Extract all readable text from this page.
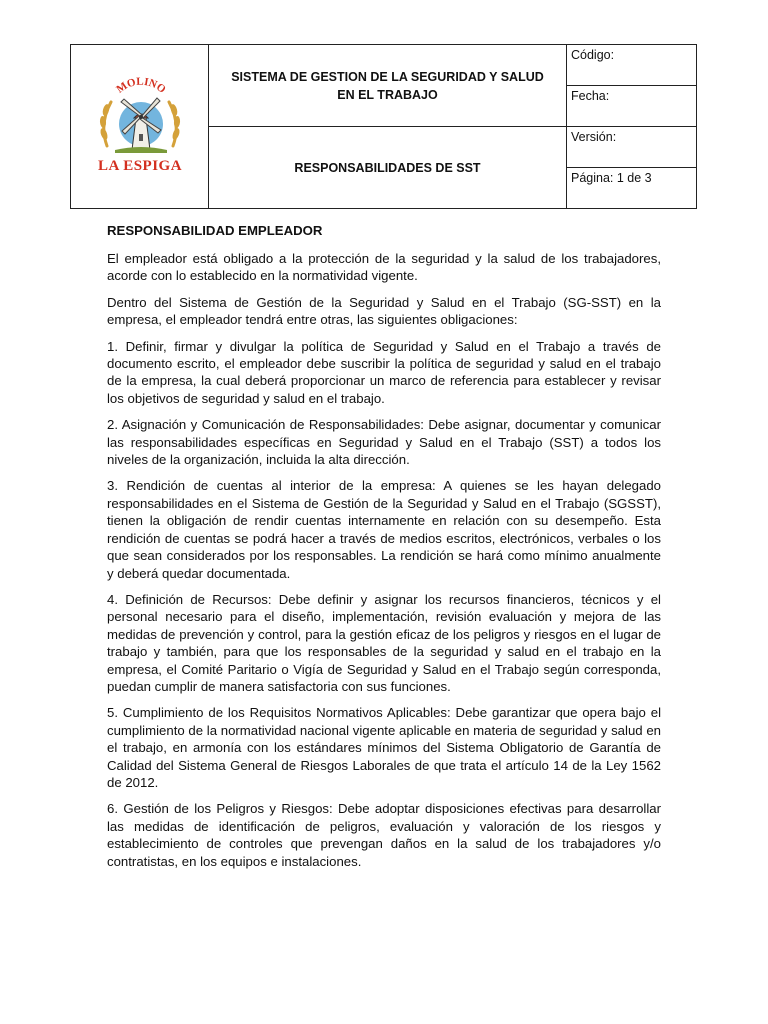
MOLINO
LA ESPIGA	SISTEMA DE GESTION DE LA SEGURIDAD Y SALUD EN EL TRABAJO	Código:
		Fecha:
	RESPONSABILIDADES DE SST	Versión:
		Página: 1 de 3
RESPONSABILIDAD EMPLEADOR

El empleador está obligado a la protección de la seguridad y la salud de los trabajadores, acorde con lo establecido en la normatividad vigente.

Dentro del Sistema de Gestión de la Seguridad y Salud en el Trabajo (SG-SST) en la empresa, el empleador tendrá entre otras, las siguientes obligaciones:

1. Definir, firmar y divulgar la política de Seguridad y Salud en el Trabajo a través de documento escrito, el empleador debe suscribir la política de seguridad y salud en el trabajo de la empresa, la cual deberá proporcionar un marco de referencia para establecer y revisar los objetivos de seguridad y salud en el trabajo.

2. Asignación y Comunicación de Responsabilidades: Debe asignar, documentar y comunicar las responsabilidades específicas en Seguridad y Salud en el Trabajo (SST) a todos los niveles de la organización, incluida la alta dirección.

3. Rendición de cuentas al interior de la empresa: A quienes se les hayan delegado responsabilidades en el Sistema de Gestión de la Seguridad y Salud en el Trabajo (SGSST), tienen la obligación de rendir cuentas internamente en relación con su desempeño. Esta rendición de cuentas se podrá hacer a través de medios escritos, electrónicos, verbales o los que sean considerados por los responsables. La rendición se hará como mínimo anualmente y deberá quedar documentada.

4. Definición de Recursos: Debe definir y asignar los recursos financieros, técnicos y el personal necesario para el diseño, implementación, revisión evaluación y mejora de las medidas de prevención y control, para la gestión eficaz de los peligros y riesgos en el lugar de trabajo y también, para que los responsables de la seguridad y salud en el trabajo en la empresa, el Comité Paritario o Vigía de Seguridad y Salud en el Trabajo según corresponda, puedan cumplir de manera satisfactoria con sus funciones.

5. Cumplimiento de los Requisitos Normativos Aplicables: Debe garantizar que opera bajo el cumplimiento de la normatividad nacional vigente aplicable en materia de seguridad y salud en el trabajo, en armonía con los estándares mínimos del Sistema Obligatorio de Garantía de Calidad del Sistema General de Riesgos Laborales de que trata el artículo 14 de la Ley 1562 de 2012.

6. Gestión de los Peligros y Riesgos: Debe adoptar disposiciones efectivas para desarrollar las medidas de identificación de peligros, evaluación y valoración de los riesgos y establecimiento de controles que prevengan daños en la salud de los trabajadores y/o contratistas, en los equipos e instalaciones.
